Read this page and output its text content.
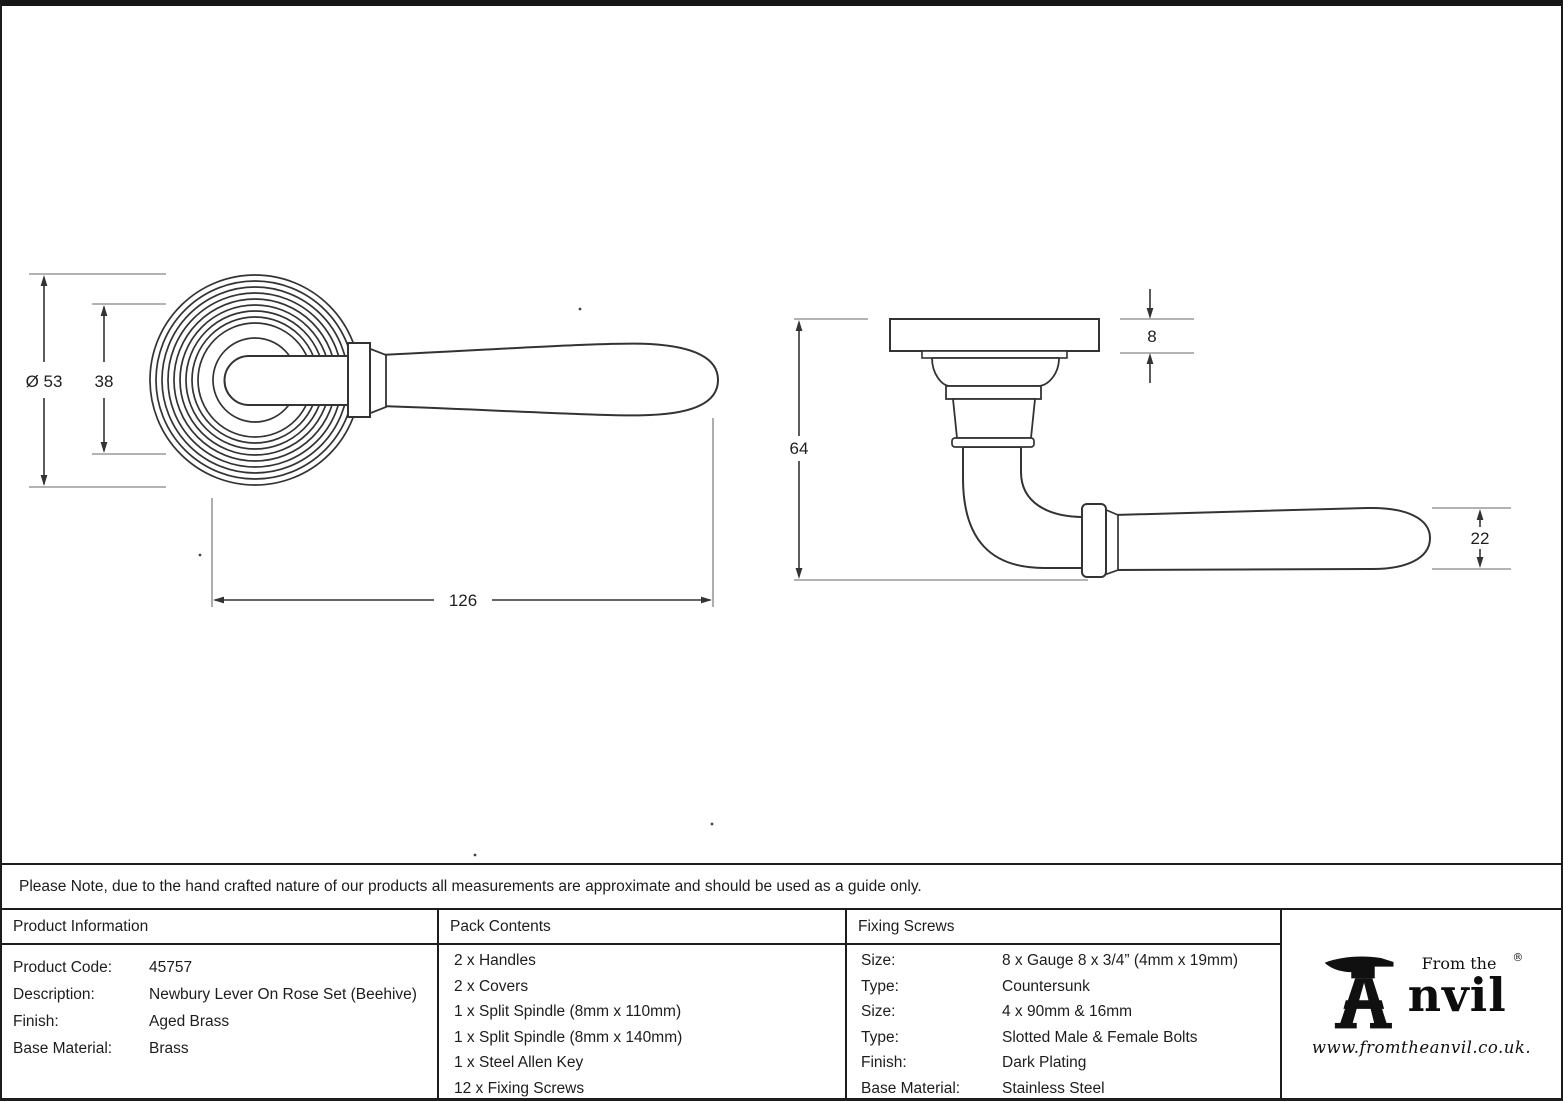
Ø 53 38
126
64
8
22
Please Note, due to the hand crafted nature of our products all measurements are approximate and should be used as a guide only.
Product Information
Product Code:	45757
Description:	Newbury Lever On Rose Set (Beehive)
Finish:	Aged Brass
Base Material:	Brass
Pack Contents
2 x Handles
2 x Covers
1 x Split Spindle (8mm x 110mm)
1 x Split Spindle (8mm x 140mm)
1 x Steel Allen Key
12 x Fixing Screws
Fixing Screws
Size:	8 x Gauge 8 x 3/4” (4mm x 19mm)
Type:	Countersunk
Size:	4 x 90mm & 16mm
Type:	Slotted Male & Female Bolts
Finish:	Dark Plating
Base Material:	Stainless Steel
From the ®
nvil
www.fromtheanvil.co.uk.
